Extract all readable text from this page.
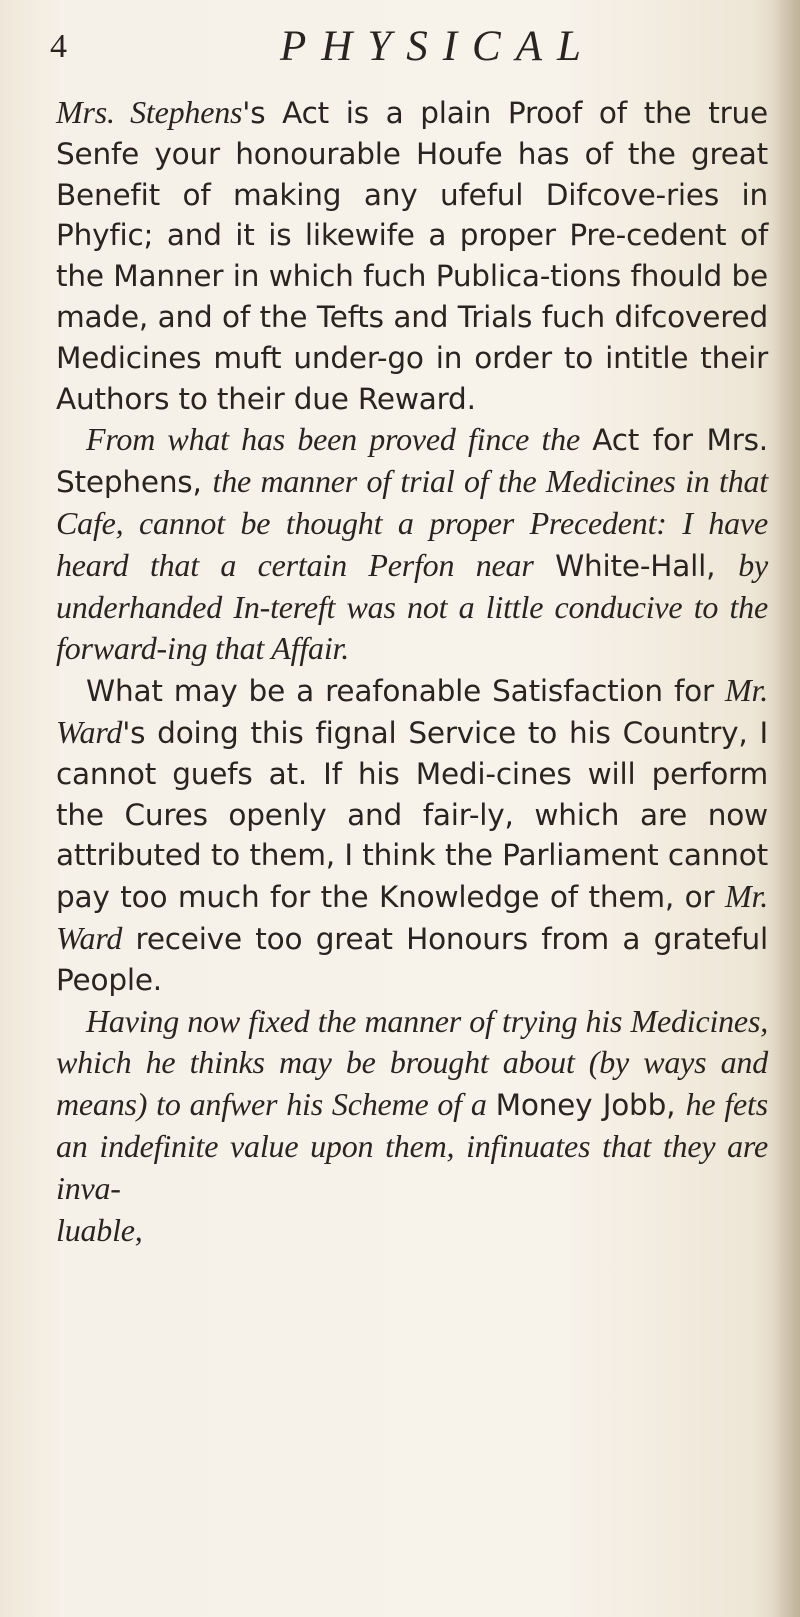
4	PHYSICAL

Mrs. Stephens's Act is a plain Proof of the true Senfe your honourable Houfe has of the great Benefit of making any ufeful Difcove-ries in Phyfic; and it is likewife a proper Pre-cedent of the Manner in which fuch Publica-tions fhould be made, and of the Tefts and Trials fuch difcovered Medicines muft under-go in order to intitle their Authors to their due Reward.

From what has been proved fince the Act for Mrs. Stephens, the manner of trial of the Medicines in that Cafe, cannot be thought a proper Precedent: I have heard that a certain Perfon near White-Hall, by underhanded In-tereft was not a little conducive to the forward-ing that Affair.

What may be a reafonable Satisfaction for Mr. Ward's doing this fignal Service to his Country, I cannot guefs at. If his Medi-cines will perform the Cures openly and fair-ly, which are now attributed to them, I think the Parliament cannot pay too much for the Knowledge of them, or Mr. Ward receive too great Honours from a grateful People.

Having now fixed the manner of trying his Medicines, which he thinks may be brought about (by ways and means) to anfwer his Scheme of a Money Jobb, he fets an indefinite value upon them, infinuates that they are inva-

luable,
